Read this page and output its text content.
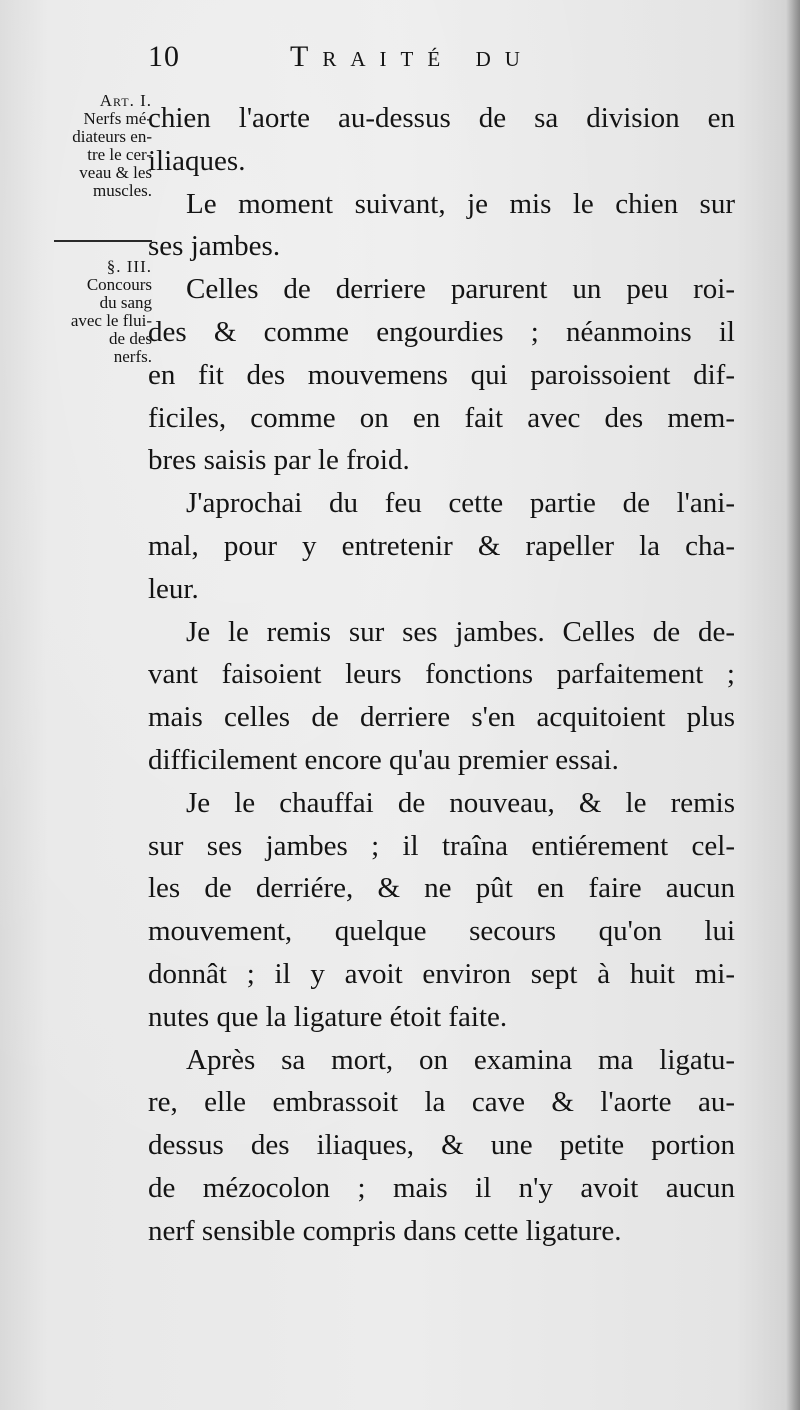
10	Traité du
Art. I.
Nerfs mé-
diateurs en-
tre le cer-
veau & les
muscles.
§. III.
Concours
du sang
avec le flui-
de des
nerfs.
chien l'aorte au-dessus de sa division en
iliaques.
Le moment suivant, je mis le chien sur
ses jambes.
Celles de derriere parurent un peu roi-
des & comme engourdies ; néanmoins il
en fit des mouvemens qui paroissoient dif-
ficiles, comme on en fait avec des mem-
bres saisis par le froid.
J'aprochai du feu cette partie de l'ani-
mal, pour y entretenir & rapeller la cha-
leur.
Je le remis sur ses jambes. Celles de de-
vant faisoient leurs fonctions parfaitement ;
mais celles de derriere s'en acquitoient plus
difficilement encore qu'au premier essai.
Je le chauffai de nouveau, & le remis
sur ses jambes ; il traîna entiérement cel-
les de derriére, & ne pût en faire aucun
mouvement, quelque secours qu'on lui
donnât ; il y avoit environ sept à huit mi-
nutes que la ligature étoit faite.
Après sa mort, on examina ma ligatu-
re, elle embrassoit la cave & l'aorte au-
dessus des iliaques, & une petite portion
de mézocolon ; mais il n'y avoit aucun
nerf sensible compris dans cette ligature.
